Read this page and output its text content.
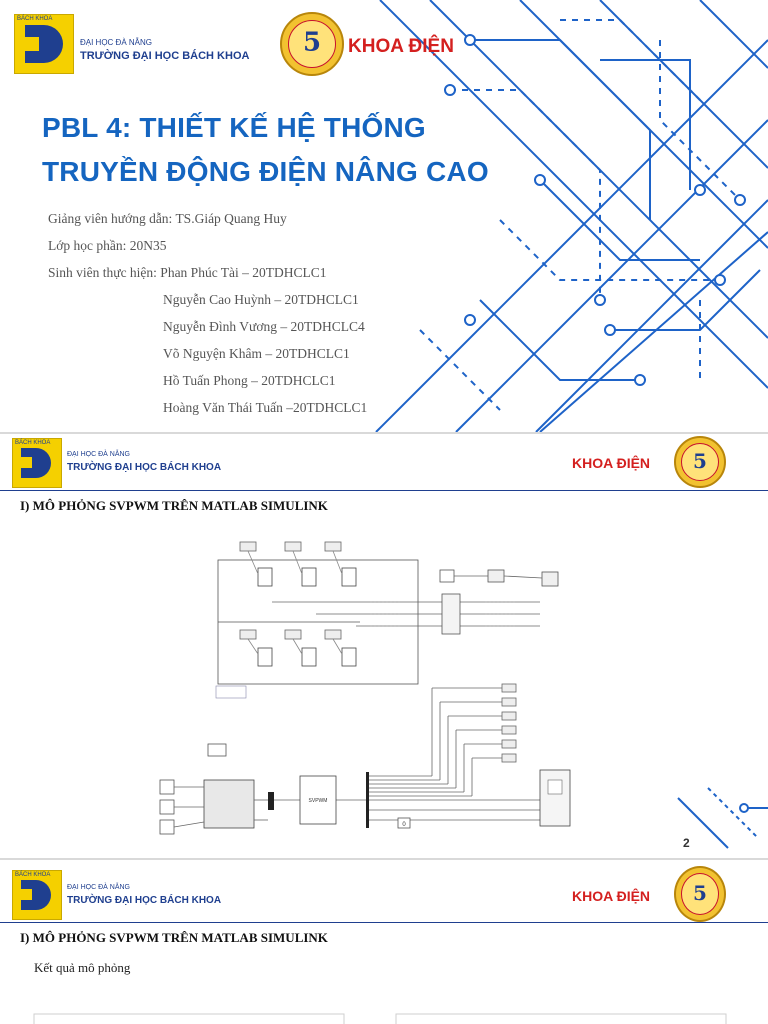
BÁCH KHOA
ĐẠI HỌC ĐÀ NẴNG
TRƯỜNG ĐẠI HỌC BÁCH KHOA	5	KHOA ĐIỆN
PBL 4: THIẾT KẾ HỆ THỐNG
TRUYỀN ĐỘNG ĐIỆN NÂNG CAO
Giảng viên hướng dẫn: TS.Giáp Quang Huy
Lớp học phần: 20N35
Sinh viên thực hiện: Phan Phúc Tài – 20TDHCLC1
Nguyễn Cao Huỳnh – 20TDHCLC1
Nguyễn Đình Vương – 20TDHCLC4
Võ Nguyện Khâm – 20TDHCLC1
Hồ Tuấn Phong – 20TDHCLC1
Hoàng Văn Thái Tuấn –20TDHCLC1
BÁCH KHOA
ĐẠI HỌC ĐÀ NẴNG
TRƯỜNG ĐẠI HỌC BÁCH KHOA	KHOA ĐIỆN	5
I) MÔ PHỎNG SVPWM TRÊN MATLAB SIMULINK
SVPWM
0
2
BÁCH KHOA
ĐẠI HỌC ĐÀ NẴNG
TRƯỜNG ĐẠI HỌC BÁCH KHOA	KHOA ĐIỆN	5
I) MÔ PHỎNG SVPWM TRÊN MATLAB SIMULINK
Kết quả mô phỏng
